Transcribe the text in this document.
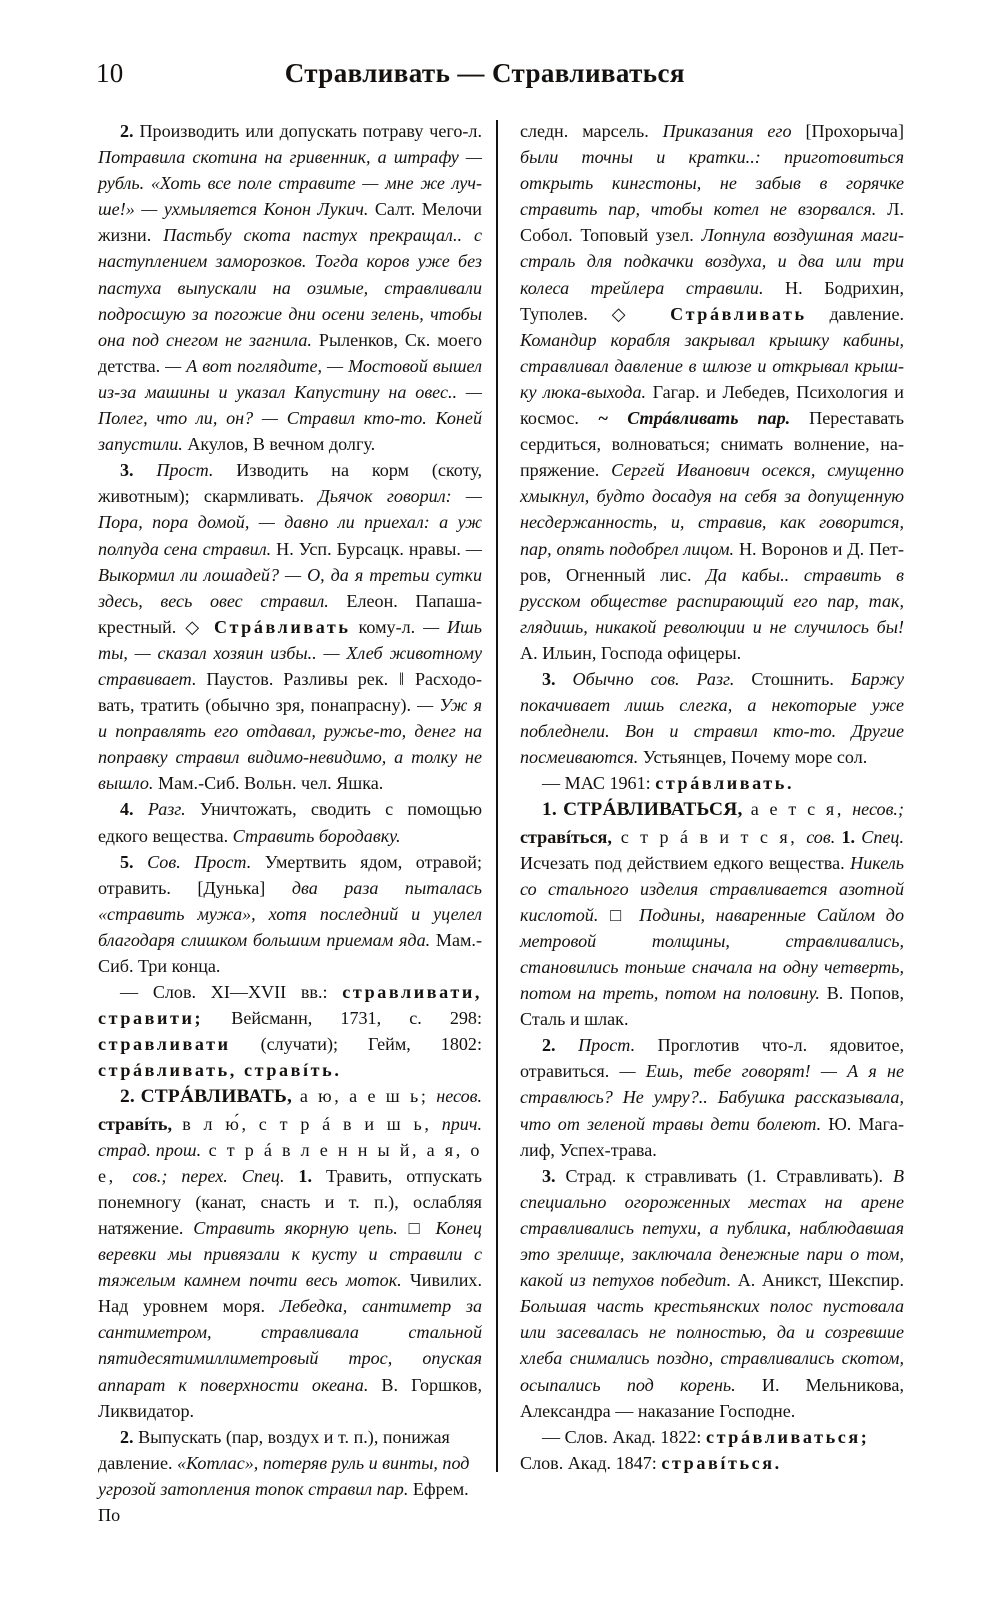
10	Стравливать — Стравливаться

2. Производить или допускать потраву чего-л. Потравила скотина на гривенник, а штрафу — рубль. «Хоть все поле стравите — мне же лучше!» — ухмыляется Конон Лукич. Салт. Мелочи жизни. Пастьбу скота пастух прекращал.. с наступлением заморозков. Тогда коров уже без пастуха выпускали на озимые, стравливали подросшую за погожие дни осени зелень, чтобы она под снегом не загнила. Рыленков, Ск. моего детства. — А вот поглядите, — Мостовой вышел из-за машины и указал Капустину на овес.. — Полег, что ли, он? — Стравил кто-то. Коней запустили. Акулов, В вечном долгу.

3. Прост. Изводить на корм (скоту, животным); скармливать. Дьячок говорил: — Пора, пора домой, — давно ли приехал: а уж полпуда сена стравил. Н. Усп. Бурсацк. нравы. — Выкормил ли лошадей? — О, да я третьи сутки здесь, весь овес стравил. Елеон. Папаша-крестный. ◇ Стрáвливать кому-л. — Ишь ты, — сказал хозяин избы.. — Хлеб животному стравивает. Паустов. Разливы рек. ‖ Расходовать, тратить (обычно зря, понапрасну). — Уж я и поправлять его отдавал, ружье-то, денег на поправку стравил видимо-невидимо, а толку не вышло. Мам.-Сиб. Вольн. чел. Яшка.

4. Разг. Уничтожать, сводить с помощью едкого вещества. Стравить бородавку.

5. Сов. Прост. Умертвить ядом, отравой; отравить. [Дунька] два раза пыталась «стравить мужа», хотя последний и уцелел благодаря слишком большим приемам яда. Мам.-Сиб. Три конца.

— Слов. XI—XVII вв.: стравливати, стравити; Вейсманн, 1731, с. 298: стравливати (случати); Гейм, 1802: стрáвливать, стравíть.

2. СТРÁВЛИВАТЬ, а ю, а е ш ь; несов. стравíть, в л ю́, с т р á в и ш ь, прич. страд. прош. с т р á в л е н н ы й, а я, о е, сов.; перех. Спец. 1. Травить, отпускать понемногу (канат, снасть и т. п.), ослабляя натяжение. Стравить якорную цепь. □ Конец веревки мы привязали к кусту и стравили с тяжелым камнем почти весь моток. Чивилих. Над уровнем моря. Лебедка, сантиметр за сантиметром, стравливала стальной пятидесятимиллиметровый трос, опуская аппарат к поверхности океана. В. Горшков, Ликвидатор.

2. Выпускать (пар, воздух и т. п.), понижая давление. «Котлас», потеряв руль и винты, под угрозой затопления топок стравил пар. Ефрем. По

следн. марсель. Приказания его [Прохорыча] были точны и кратки..: приготовиться открыть кингстоны, не забыв в горячке стравить пар, чтобы котел не взорвался. Л. Собол. Топовый узел. Лопнула воздушная магистраль для подкачки воздуха, и два или три колеса трейлера стравили. Н. Бодрихин, Туполев. ◇ Стрáвливать давление. Командир корабля закрывал крышку кабины, стравливал давление в шлюзе и открывал крышку люка-выхода. Гагар. и Лебедев, Психология и космос. ~ Стрáвливать пар. Переставать сердиться, волноваться; снимать волнение, напряжение. Сергей Иванович осекся, смущенно хмыкнул, будто досадуя на себя за допущенную несдержанность, и, стравив, как говорится, пар, опять подобрел лицом. Н. Воронов и Д. Петров, Огненный лис. Да кабы.. стравить в русском обществе распирающий его пар, так, глядишь, никакой революции и не случилось бы! А. Ильин, Господа офицеры.

3. Обычно сов. Разг. Стошнить. Баржу покачивает лишь слегка, а некоторые уже побледнели. Вон и стравил кто-то. Другие посмеиваются. Устьянцев, Почему море сол.

— МАС 1961: стрáвливать.

1. СТРÁВЛИВАТЬСЯ, а е т с я, несов.; стравíться, с т р á в и т с я, сов. 1. Спец. Исчезать под действием едкого вещества. Никель со стального изделия стравливается азотной кислотой. □ Подины, наваренные Сайлом до метровой толщины, стравливались, становились тоньше сначала на одну четверть, потом на треть, потом на половину. В. Попов, Сталь и шлак.

2. Прост. Проглотив что-л. ядовитое, отравиться. — Ешь, тебе говорят! — А я не стравлюсь? Не умру?.. Бабушка рассказывала, что от зеленой травы дети болеют. Ю. Магалиф, Успех-трава.

3. Страд. к стравливать (1. Стравливать). В специально огороженных местах на арене стравливались петухи, а публика, наблюдавшая это зрелище, заключала денежные пари о том, какой из петухов победит. А. Аникст, Шекспир. Большая часть крестьянских полос пустовала или засевалась не полностью, да и созревшие хлеба снимались поздно, стравливались скотом, осыпались под корень. И. Мельникова, Александра — наказание Господне.

— Слов. Акад. 1822: стрáвливаться; Слов. Акад. 1847: стравíться.
